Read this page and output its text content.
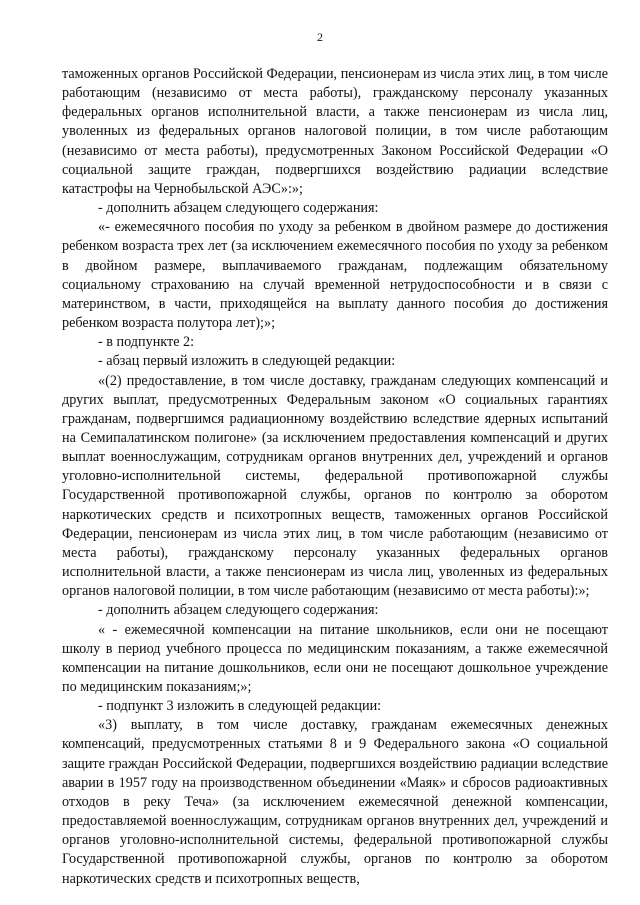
2

таможенных органов Российской Федерации, пенсионерам из числа этих лиц, в том числе работающим (независимо от места работы), гражданскому персоналу указанных федеральных органов исполнительной власти, а также пенсионерам из числа лиц, уволенных из федеральных органов налоговой полиции, в том числе работающим (независимо от места работы), предусмотренных Законом Российской Федерации «О социальной защите граждан, подвергшихся воздействию радиации вследствие катастрофы на Чернобыльской АЭС»:»;

- дополнить абзацем следующего содержания:

«- ежемесячного пособия по уходу за ребенком в двойном размере до достижения ребенком возраста трех лет (за исключением ежемесячного пособия по уходу за ребенком в двойном размере, выплачиваемого гражданам, подлежащим обязательному социальному страхованию на случай временной нетрудоспособности и в связи с материнством, в части, приходящейся на выплату данного пособия до достижения ребенком возраста полутора лет);»;

- в подпункте 2:

- абзац первый изложить в следующей редакции:

«(2) предоставление, в том числе доставку, гражданам следующих компенсаций и других выплат, предусмотренных Федеральным законом «О социальных гарантиях гражданам, подвергшимся радиационному воздействию вследствие ядерных испытаний на Семипалатинском полигоне» (за исключением предоставления компенсаций и других выплат военнослужащим, сотрудникам органов внутренних дел, учреждений и органов уголовно-исполнительной системы, федеральной противопожарной службы Государственной противопожарной службы, органов по контролю за оборотом наркотических средств и психотропных веществ, таможенных органов Российской Федерации, пенсионерам из числа этих лиц, в том числе работающим (независимо от места работы), гражданскому персоналу указанных федеральных органов исполнительной власти, а также пенсионерам из числа лиц, уволенных из федеральных органов налоговой полиции, в том числе работающим (независимо от места работы):»;

- дополнить абзацем следующего содержания:

« - ежемесячной компенсации на питание школьников, если они не посещают школу в период учебного процесса по медицинским показаниям, а также ежемесячной компенсации на питание дошкольников, если они не посещают дошкольное учреждение по медицинским показаниям;»;

- подпункт 3 изложить в следующей редакции:

«3) выплату, в том числе доставку, гражданам ежемесячных денежных компенсаций, предусмотренных статьями 8 и 9 Федерального закона «О социальной защите граждан Российской Федерации, подвергшихся воздействию радиации вследствие аварии в 1957 году на производственном объединении «Маяк» и сбросов радиоактивных отходов в реку Теча» (за исключением ежемесячной денежной компенсации, предоставляемой военнослужащим, сотрудникам органов внутренних дел, учреждений и органов уголовно-исполнительной системы, федеральной противопожарной службы Государственной противопожарной службы, органов по контролю за оборотом наркотических средств и психотропных веществ,
